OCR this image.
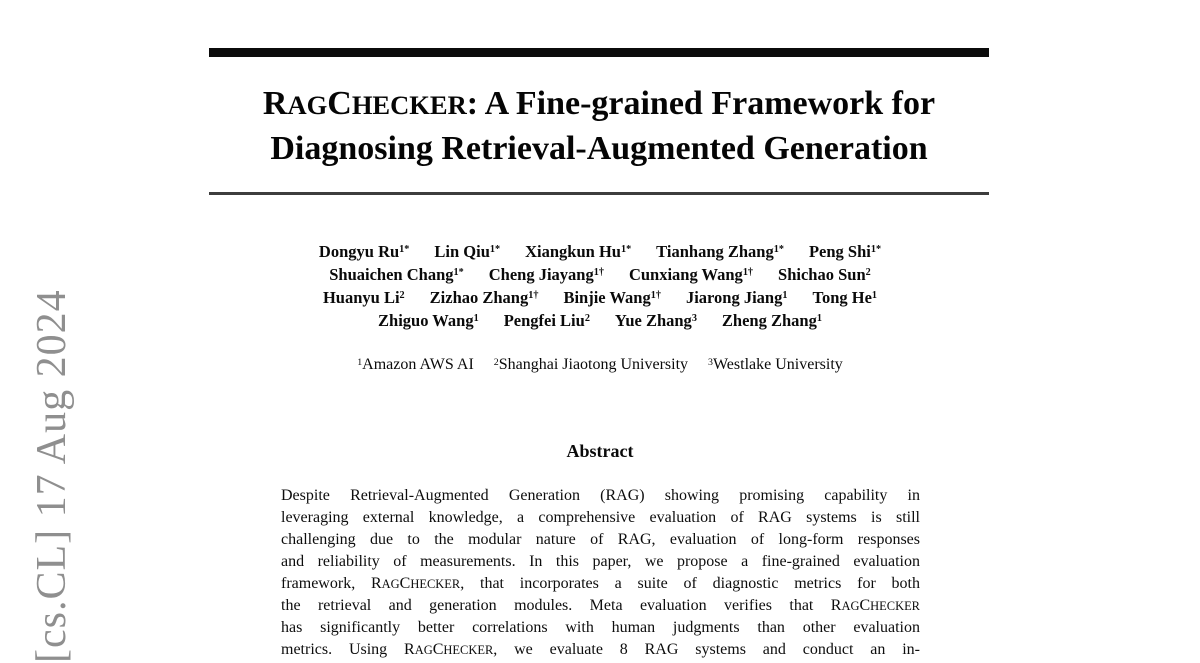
[cs.CL] 17 Aug 2024
RAGCHECKER: A Fine-grained Framework for
Diagnosing Retrieval-Augmented Generation
Dongyu $Ru^{1*}$ Lin Qiu$^{1*}$ Xiangkun $Hu^{1*}$ Tianhang Zhang$^{1*}$ Peng Shi$^{1*}$
Shuaichen Chang$^{1*}$ Cheng Jiayang$^{1\dagger}$ Cunxiang Wang$^{1\dagger}$ Shichao Sun$^2$
Huanyu Li$^2$ Zizhao Zhang$^{1\dagger}$ Binjie Wang$^{1\dagger}$ Jiarong Jiang$^1$ Tong He$^1$
Zhiguo Wang$^1$ Pengfei Liu$^2$ Yue Zhang$^3$ Zheng Zhang$^1$
$^1$Amazon AWS AI $^2$Shanghai Jiaotong University $^3$Westlake University
Abstract
Despite Retrieval-Augmented Generation (RAG) showing promising capability in
leveraging external knowledge, a comprehensive evaluation of RAG systems is still
challenging due to the modular nature of RAG, evaluation of long-form responses
and reliability of measurements. In this paper, we propose a fine-grained evaluation
framework, RAGCHECKER, that incorporates a suite of diagnostic metrics for both
the retrieval and generation modules. Meta evaluation verifies that RAGCHECKER
has significantly better correlations with human judgments than other evaluation
metrics. Using RAGCHECKER, we evaluate 8 RAG systems and conduct an in-
